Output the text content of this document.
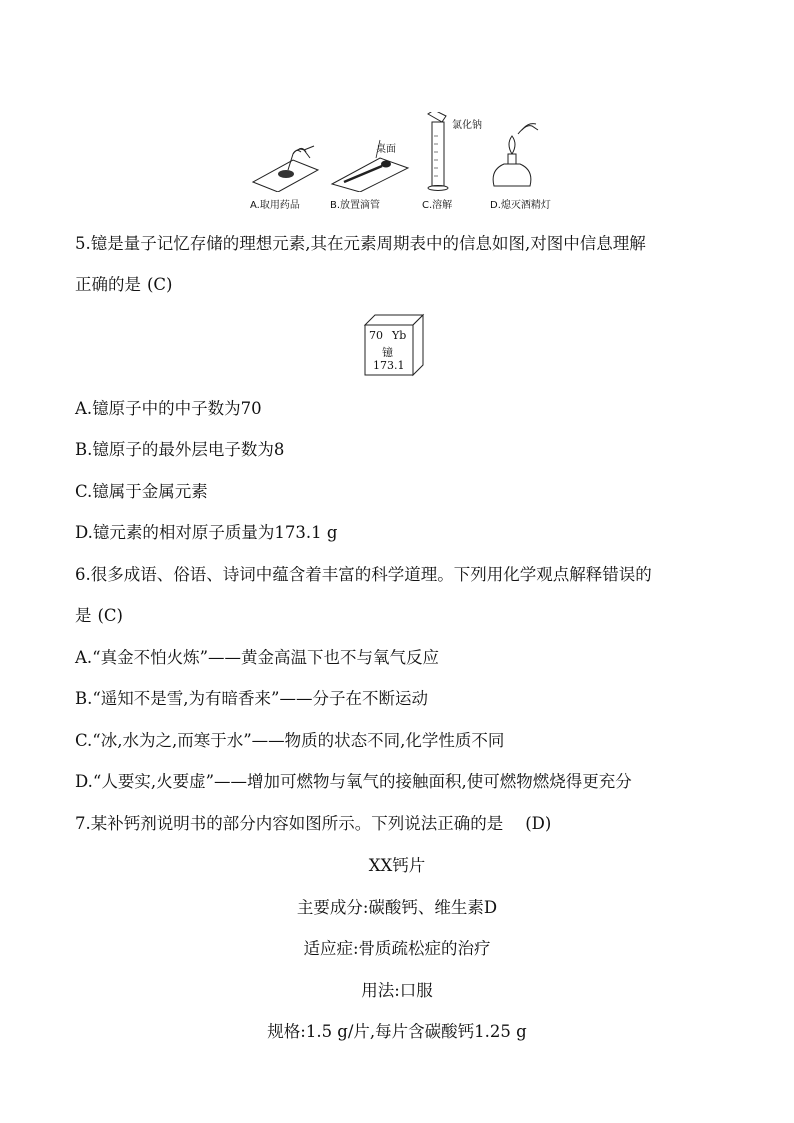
A.取用药品
桌面
B.放置滴管
氯化钠
C.溶解	D.熄灭酒精灯
5.镱是量子记忆存储的理想元素,其在元素周期表中的信息如图,对图中信息理解
正确的是 (C)
70 Yb
镱
173.1
A.镱原子中的中子数为70
B.镱原子的最外层电子数为8
C.镱属于金属元素
D.镱元素的相对原子质量为173.1 g
6.很多成语、俗语、诗词中蕴含着丰富的科学道理。下列用化学观点解释错误的
是 (C)
A.“真金不怕火炼”——黄金高温下也不与氧气反应
B.“遥知不是雪,为有暗香来”——分子在不断运动
C.“冰,水为之,而寒于水”——物质的状态不同,化学性质不同
D.“人要实,火要虚”——增加可燃物与氧气的接触面积,使可燃物燃烧得更充分
7.某补钙剂说明书的部分内容如图所示。下列说法正确的是 (D)
XX钙片
主要成分:碳酸钙、维生素D
适应症:骨质疏松症的治疗
用法:口服
规格:1.5 g/片,每片含碳酸钙1.25 g
